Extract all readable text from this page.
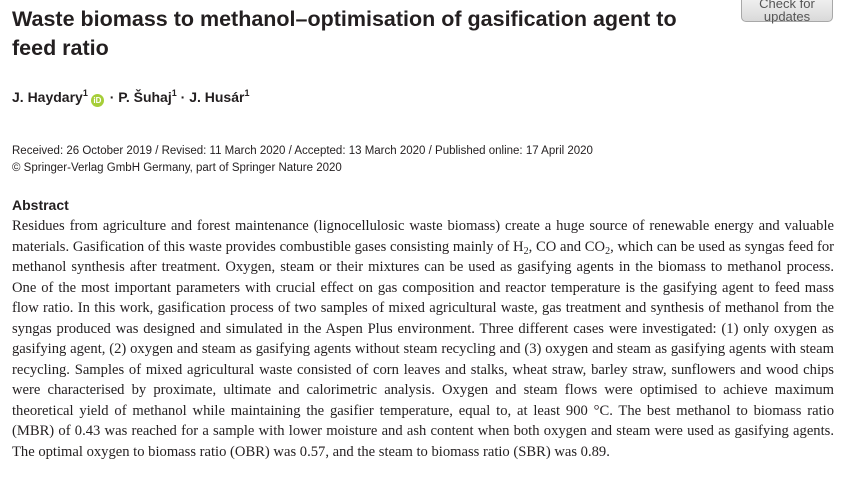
Check for
updates
Waste biomass to methanol–optimisation of gasification agent to feed ratio

J. Haydary$^1$iD · P. Šuhaj$^1$ · J. Husár$^1$

Received: 26 October 2019 / Revised: 11 March 2020 / Accepted: 13 March 2020 / Published online: 17 April 2020
© Springer-Verlag GmbH Germany, part of Springer Nature 2020
Abstract

Residues from agriculture and forest maintenance (lignocellulosic waste biomass) create a huge source of renewable energy and valuable materials. Gasification of this waste provides combustible gases consisting mainly of $H_2$, CO and $CO_2$, which can be used as syngas feed for methanol synthesis after treatment. Oxygen, steam or their mixtures can be used as gasifying agents in the biomass to methanol process. One of the most important parameters with crucial effect on gas composition and reactor temperature is the gasifying agent to feed mass flow ratio. In this work, gasification process of two samples of mixed agricultural waste, gas treatment and synthesis of methanol from the syngas produced was designed and simulated in the Aspen Plus environment. Three different cases were investigated: (1) only oxygen as gasifying agent, (2) oxygen and steam as gasifying agents without steam recycling and (3) oxygen and steam as gasifying agents with steam recycling. Samples of mixed agricultural waste consisted of corn leaves and stalks, wheat straw, barley straw, sunflowers and wood chips were characterised by proximate, ultimate and calorimetric analysis. Oxygen and steam flows were optimised to achieve maximum theoretical yield of methanol while maintaining the gasifier temperature, equal to, at least 900 °C. The best methanol to biomass ratio (MBR) of 0.43 was reached for a sample with lower moisture and ash content when both oxygen and steam were used as gasifying agents. The optimal oxygen to biomass ratio (OBR) was 0.57, and the steam to biomass ratio (SBR) was 0.89.
